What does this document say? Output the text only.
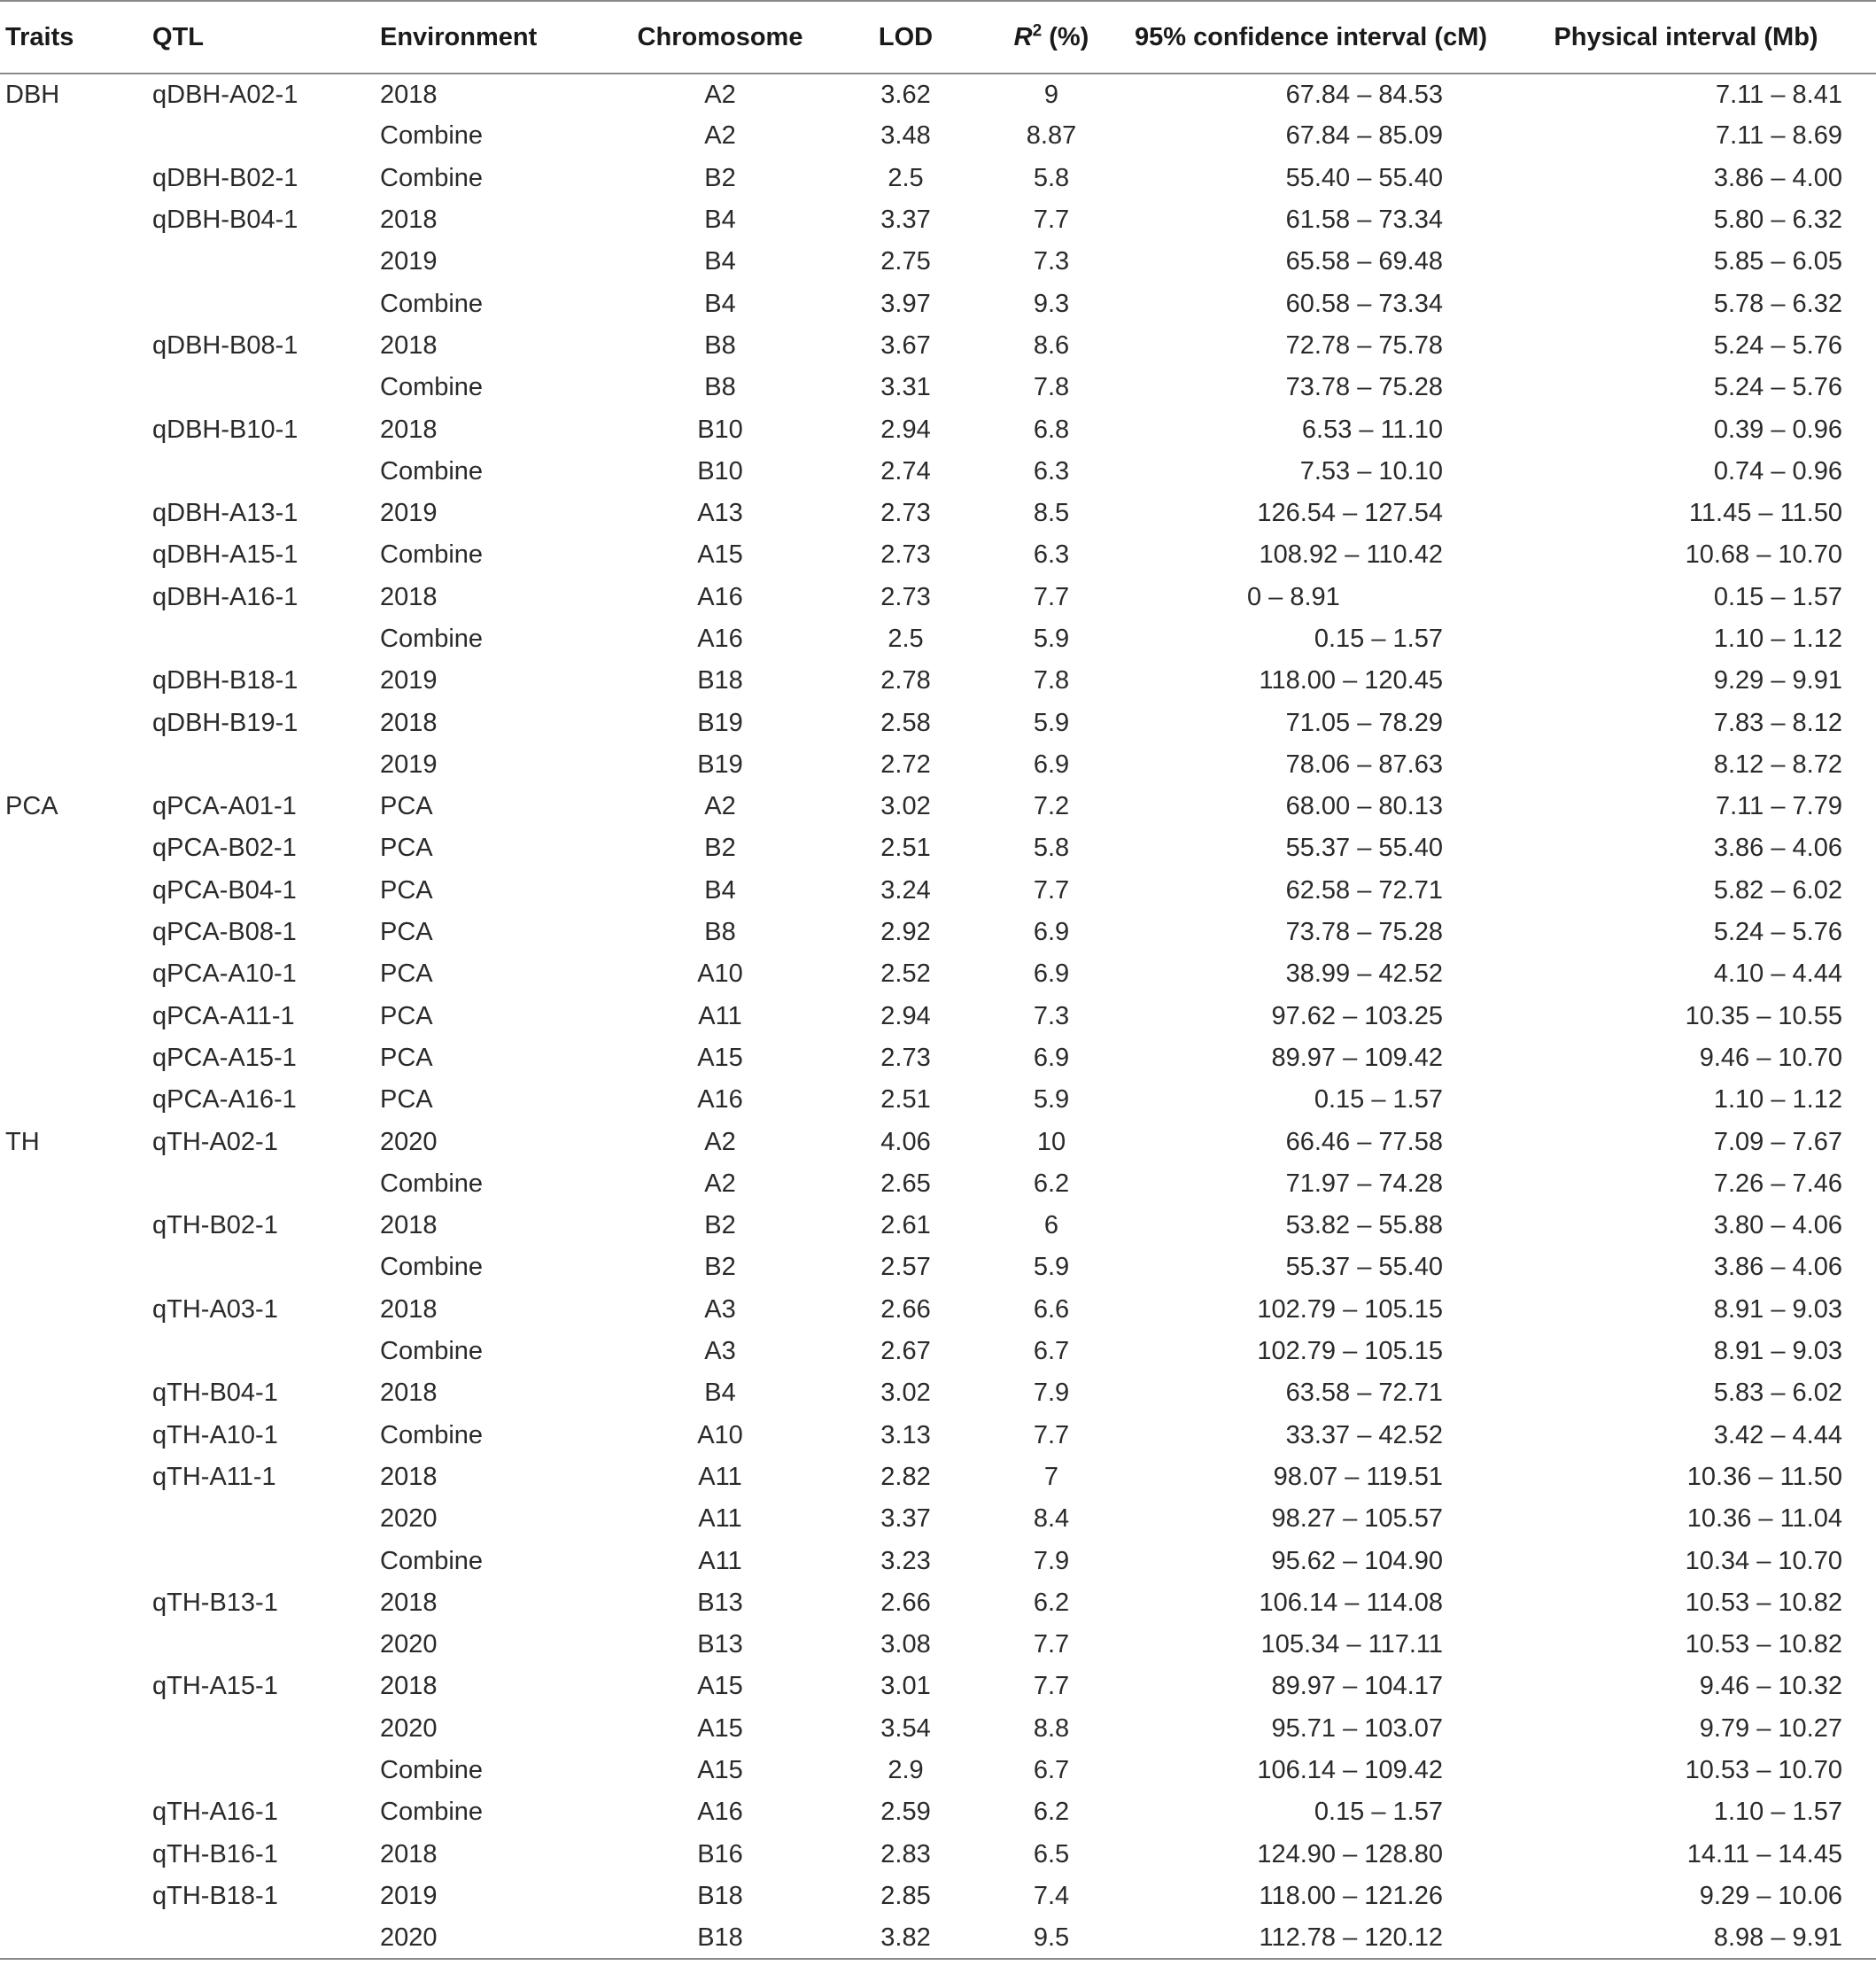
Traits	QTL	Environment	Chromosome	LOD	$R^2$ (%)	95% confidence interval (cM)	Physical interval (Mb)
DBH	qDBH-A02-1	2018	A2	3.62	9	67.84 – 84.53	7.11 – 8.41
		Combine	A2	3.48	8.87	67.84 – 85.09	7.11 – 8.69
	qDBH-B02-1	Combine	B2	2.5	5.8	55.40 – 55.40	3.86 – 4.00
	qDBH-B04-1	2018	B4	3.37	7.7	61.58 – 73.34	5.80 – 6.32
		2019	B4	2.75	7.3	65.58 – 69.48	5.85 – 6.05
		Combine	B4	3.97	9.3	60.58 – 73.34	5.78 – 6.32
	qDBH-B08-1	2018	B8	3.67	8.6	72.78 – 75.78	5.24 – 5.76
		Combine	B8	3.31	7.8	73.78 – 75.28	5.24 – 5.76
	qDBH-B10-1	2018	B10	2.94	6.8	6.53 – 11.10	0.39 – 0.96
		Combine	B10	2.74	6.3	7.53 – 10.10	0.74 – 0.96
	qDBH-A13-1	2019	A13	2.73	8.5	126.54 – 127.54	11.45 – 11.50
	qDBH-A15-1	Combine	A15	2.73	6.3	108.92 – 110.42	10.68 – 10.70
	qDBH-A16-1	2018	A16	2.73	7.7	0 – 8.91	0.15 – 1.57
		Combine	A16	2.5	5.9	0.15 – 1.57	1.10 – 1.12
	qDBH-B18-1	2019	B18	2.78	7.8	118.00 – 120.45	9.29 – 9.91
	qDBH-B19-1	2018	B19	2.58	5.9	71.05 – 78.29	7.83 – 8.12
		2019	B19	2.72	6.9	78.06 – 87.63	8.12 – 8.72
PCA	qPCA-A01-1	PCA	A2	3.02	7.2	68.00 – 80.13	7.11 – 7.79
	qPCA-B02-1	PCA	B2	2.51	5.8	55.37 – 55.40	3.86 – 4.06
	qPCA-B04-1	PCA	B4	3.24	7.7	62.58 – 72.71	5.82 – 6.02
	qPCA-B08-1	PCA	B8	2.92	6.9	73.78 – 75.28	5.24 – 5.76
	qPCA-A10-1	PCA	A10	2.52	6.9	38.99 – 42.52	4.10 – 4.44
	qPCA-A11-1	PCA	A11	2.94	7.3	97.62 – 103.25	10.35 – 10.55
	qPCA-A15-1	PCA	A15	2.73	6.9	89.97 – 109.42	9.46 – 10.70
	qPCA-A16-1	PCA	A16	2.51	5.9	0.15 – 1.57	1.10 – 1.12
TH	qTH-A02-1	2020	A2	4.06	10	66.46 – 77.58	7.09 – 7.67
		Combine	A2	2.65	6.2	71.97 – 74.28	7.26 – 7.46
	qTH-B02-1	2018	B2	2.61	6	53.82 – 55.88	3.80 – 4.06
		Combine	B2	2.57	5.9	55.37 – 55.40	3.86 – 4.06
	qTH-A03-1	2018	A3	2.66	6.6	102.79 – 105.15	8.91 – 9.03
		Combine	A3	2.67	6.7	102.79 – 105.15	8.91 – 9.03
	qTH-B04-1	2018	B4	3.02	7.9	63.58 – 72.71	5.83 – 6.02
	qTH-A10-1	Combine	A10	3.13	7.7	33.37 – 42.52	3.42 – 4.44
	qTH-A11-1	2018	A11	2.82	7	98.07 – 119.51	10.36 – 11.50
		2020	A11	3.37	8.4	98.27 – 105.57	10.36 – 11.04
		Combine	A11	3.23	7.9	95.62 – 104.90	10.34 – 10.70
	qTH-B13-1	2018	B13	2.66	6.2	106.14 – 114.08	10.53 – 10.82
		2020	B13	3.08	7.7	105.34 – 117.11	10.53 – 10.82
	qTH-A15-1	2018	A15	3.01	7.7	89.97 – 104.17	9.46 – 10.32
		2020	A15	3.54	8.8	95.71 – 103.07	9.79 – 10.27
		Combine	A15	2.9	6.7	106.14 – 109.42	10.53 – 10.70
	qTH-A16-1	Combine	A16	2.59	6.2	0.15 – 1.57	1.10 – 1.57
	qTH-B16-1	2018	B16	2.83	6.5	124.90 – 128.80	14.11 – 14.45
	qTH-B18-1	2019	B18	2.85	7.4	118.00 – 121.26	9.29 – 10.06
		2020	B18	3.82	9.5	112.78 – 120.12	8.98 – 9.91
